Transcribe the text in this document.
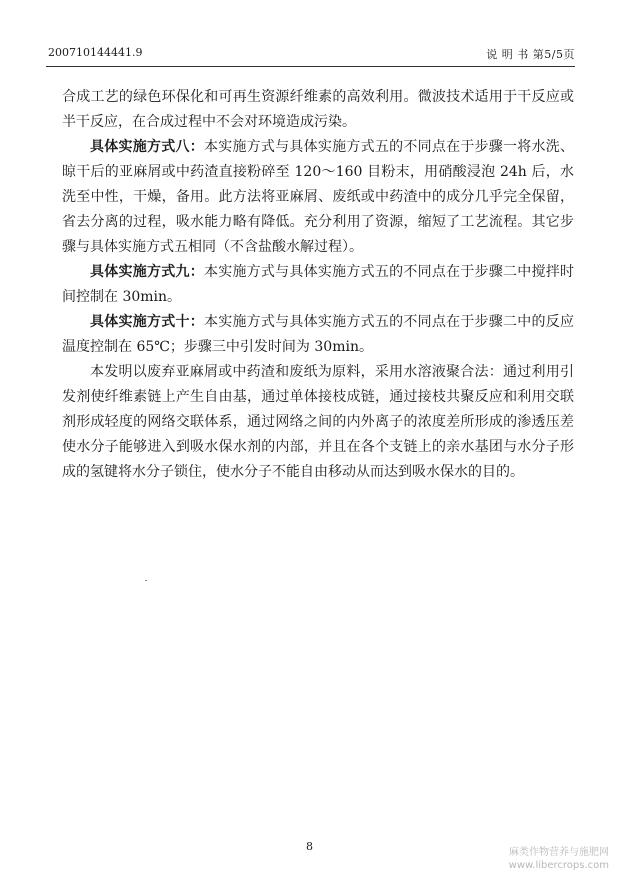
200710144441.9	说 明 书 第5/5页

合成工艺的绿色环保化和可再生资源纤维素的高效利用。微波技术适用于干反应或半干反应，在合成过程中不会对环境造成污染。

具体实施方式八：本实施方式与具体实施方式五的不同点在于步骤一将水洗、晾干后的亚麻屑或中药渣直接粉碎至 120～160 目粉末，用硝酸浸泡 24h 后，水洗至中性，干燥，备用。此方法将亚麻屑、废纸或中药渣中的成分几乎完全保留，省去分离的过程，吸水能力略有降低。充分利用了资源，缩短了工艺流程。其它步骤与具体实施方式五相同（不含盐酸水解过程）。

具体实施方式九：本实施方式与具体实施方式五的不同点在于步骤二中搅拌时间控制在 30min。

具体实施方式十：本实施方式与具体实施方式五的不同点在于步骤二中的反应温度控制在 65℃；步骤三中引发时间为 30min。

本发明以废弃亚麻屑或中药渣和废纸为原料，采用水溶液聚合法：通过利用引发剂使纤维素链上产生自由基，通过单体接枝成链，通过接枝共聚反应和利用交联剂形成轻度的网络交联体系，通过网络之间的内外离子的浓度差所形成的渗透压差使水分子能够进入到吸水保水剂的内部，并且在各个支链上的亲水基团与水分子形成的氢键将水分子锁住，使水分子不能自由移动从而达到吸水保水的目的。

8	麻类作物营养与施肥网
www.libercrops.com
